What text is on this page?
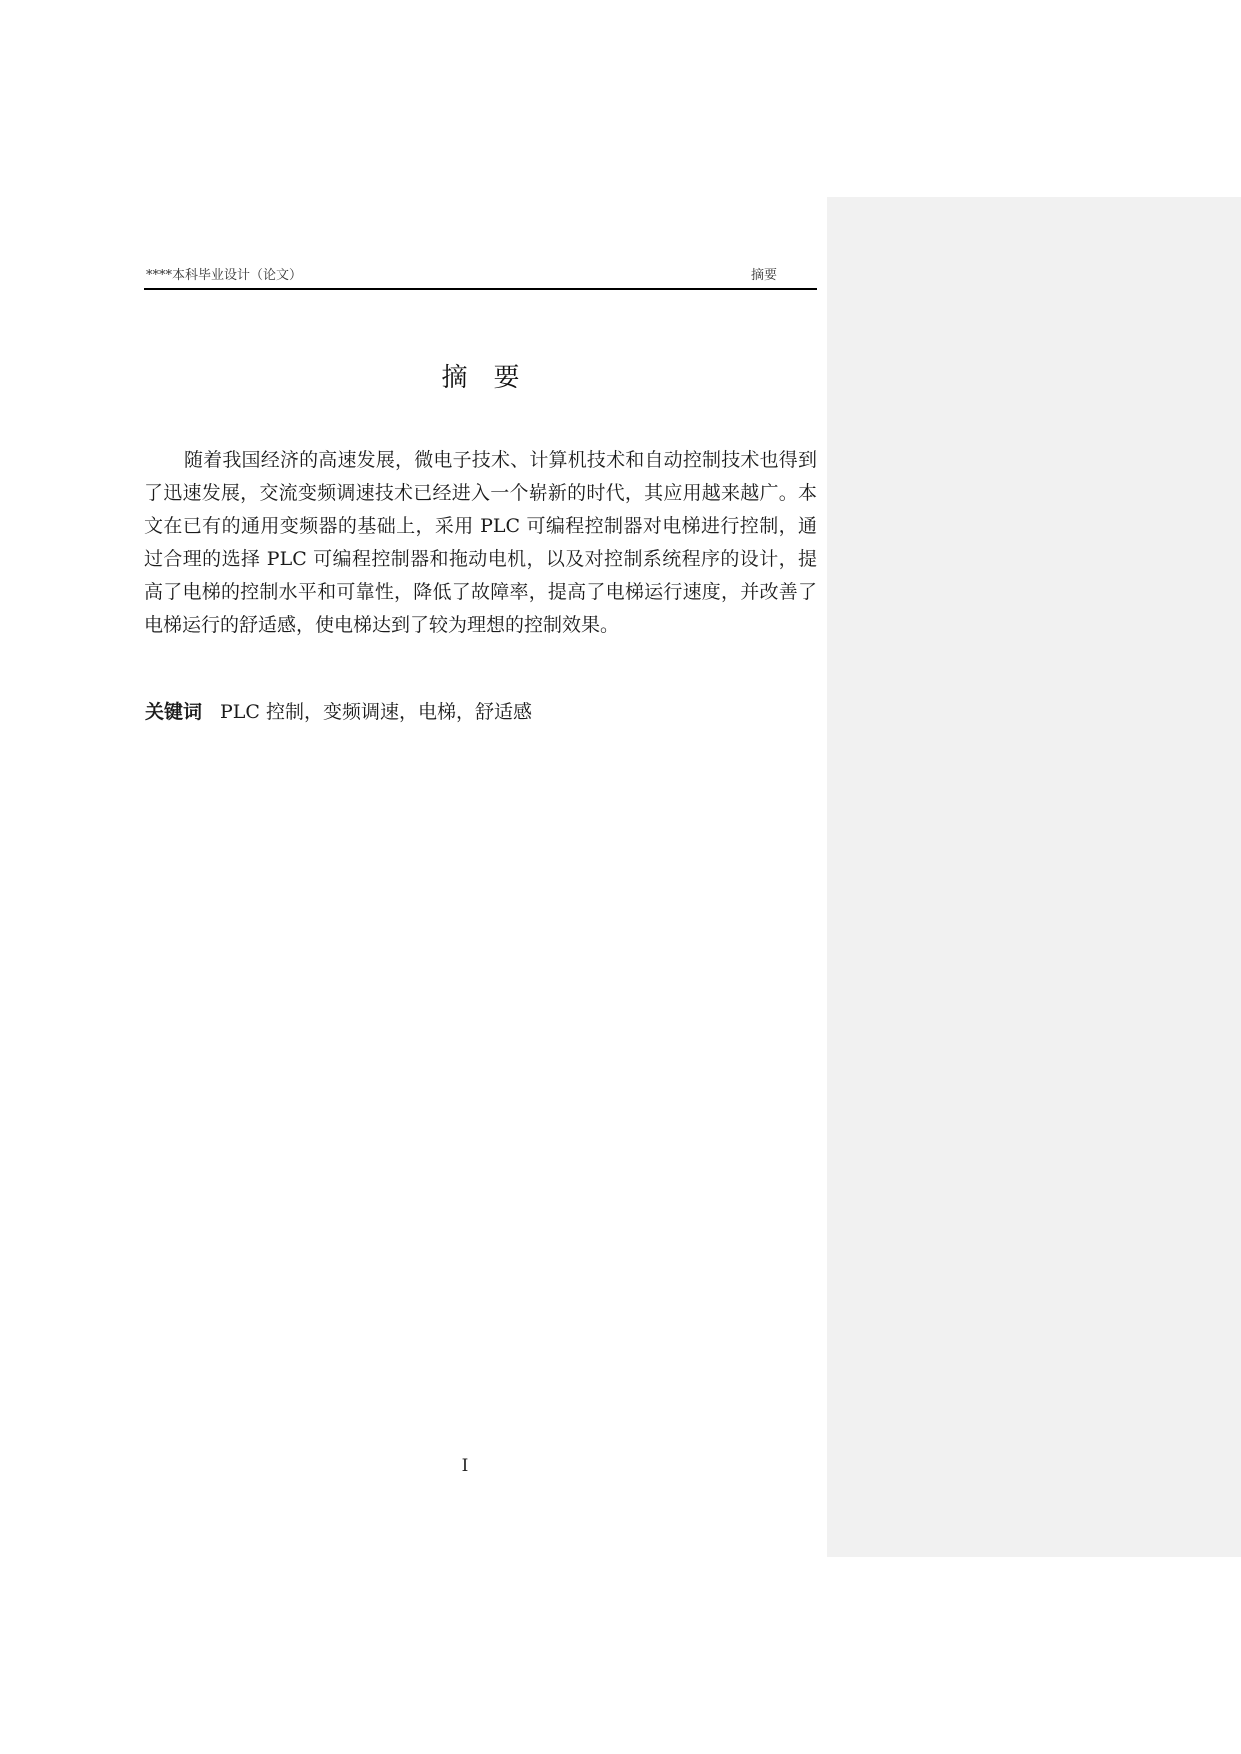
****本科毕业设计（论文）	摘要
摘要

随着我国经济的高速发展，微电子技术、计算机技术和自动控制技术也得到了迅速发展，交流变频调速技术已经进入一个崭新的时代，其应用越来越广。本文在已有的通用变频器的基础上，采用 PLC 可编程控制器对电梯进行控制，通过合理的选择 PLC 可编程控制器和拖动电机，以及对控制系统程序的设计，提高了电梯的控制水平和可靠性，降低了故障率，提高了电梯运行速度，并改善了电梯运行的舒适感，使电梯达到了较为理想的控制效果。

关键词 PLC 控制，变频调速，电梯，舒适感
I
